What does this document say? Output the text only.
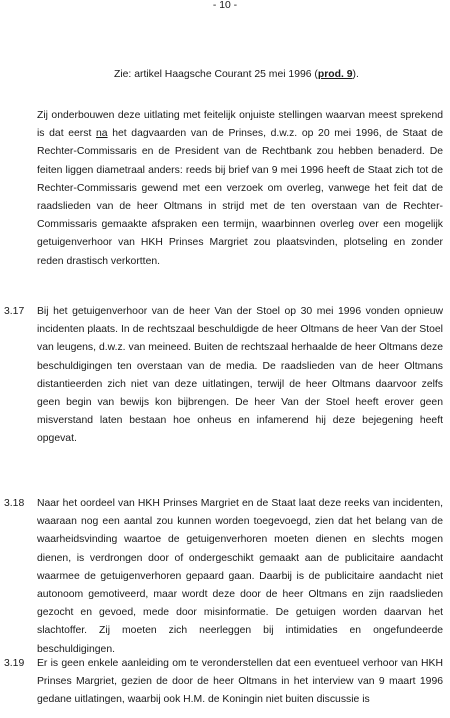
- 10 -
Zie: artikel Haagsche Courant 25 mei 1996 (prod. 9).
Zij onderbouwen deze uitlating met feitelijk onjuiste stellingen waarvan meest sprekend is dat eerst na het dagvaarden van de Prinses, d.w.z. op 20 mei 1996, de Staat de Rechter-Commissaris en de President van de Rechtbank zou hebben benaderd. De feiten liggen diametraal anders: reeds bij brief van 9 mei 1996 heeft de Staat zich tot de Rechter-Commissaris gewend met een verzoek om overleg, vanwege het feit dat de raadslieden van de heer Oltmans in strijd met de ten overstaan van de Rechter-Commissaris gemaakte afspraken een termijn, waarbinnen overleg over een mogelijk getuigenverhoor van HKH Prinses Margriet zou plaatsvinden, plotseling en zonder reden drastisch verkortten.
3.17	Bij het getuigenverhoor van de heer Van der Stoel op 30 mei 1996 vonden opnieuw incidenten plaats. In de rechtszaal beschuldigde de heer Oltmans de heer Van der Stoel van leugens, d.w.z. van meineed. Buiten de rechtszaal herhaalde de heer Oltmans deze beschuldigingen ten overstaan van de media. De raadslieden van de heer Oltmans distantieerden zich niet van deze uitlatingen, terwijl de heer Oltmans daarvoor zelfs geen begin van bewijs kon bijbrengen. De heer Van der Stoel heeft erover geen misverstand laten bestaan hoe onheus en infamerend hij deze bejegening heeft opgevat.
3.18	Naar het oordeel van HKH Prinses Margriet en de Staat laat deze reeks van incidenten, waaraan nog een aantal zou kunnen worden toegevoegd, zien dat het belang van de waarheidsvinding waartoe de getuigenverhoren moeten dienen en slechts mogen dienen, is verdrongen door of ondergeschikt gemaakt aan de publicitaire aandacht waarmee de getuigenverhoren gepaard gaan. Daarbij is de publicitaire aandacht niet autonoom gemotiveerd, maar wordt deze door de heer Oltmans en zijn raadslieden gezocht en gevoed, mede door misinformatie. De getuigen worden daarvan het slachtoffer. Zij moeten zich neerleggen bij intimidaties en ongefundeerde beschuldigingen.
3.19	Er is geen enkele aanleiding om te veronderstellen dat een eventueel verhoor van HKH Prinses Margriet, gezien de door de heer Oltmans in het interview van 9 maart 1996 gedane uitlatingen, waarbij ook H.M. de Koningin niet buiten discussie is
